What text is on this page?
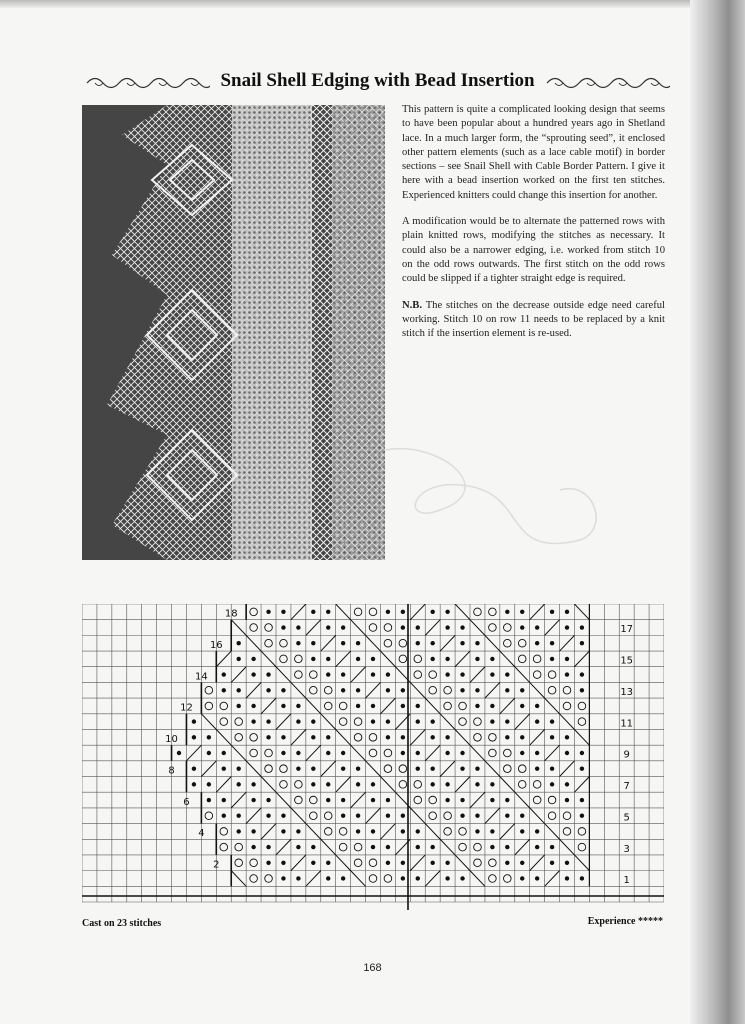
Snail Shell Edging with Bead Insertion

This pattern is quite a complicated looking design that seems to have been popular about a hundred years ago in Shetland lace. In a much larger form, the “sprouting seed”, it enclosed other pattern elements (such as a lace cable motif) in border sections – see Snail Shell with Cable Border Pattern. I give it here with a bead insertion worked on the first ten stitches. Experienced knitters could change this insertion for another.

A modification would be to alternate the patterned rows with plain knitted rows, modifying the stitches as necessary. It could also be a narrower edging, i.e. worked from stitch 10 on the odd rows outwards. The first stitch on the odd rows could be slipped if a tighter straight edge is required.

N.B. The stitches on the decrease outside edge need careful working. Stitch 10 on row 11 needs to be replaced by a knit stitch if the insertion element is re-used.

17
15
13
11
9
7
5
3
1
18
16
14
12
10
8
6
4
2
Cast on 23 stitches	Experience *****
168
